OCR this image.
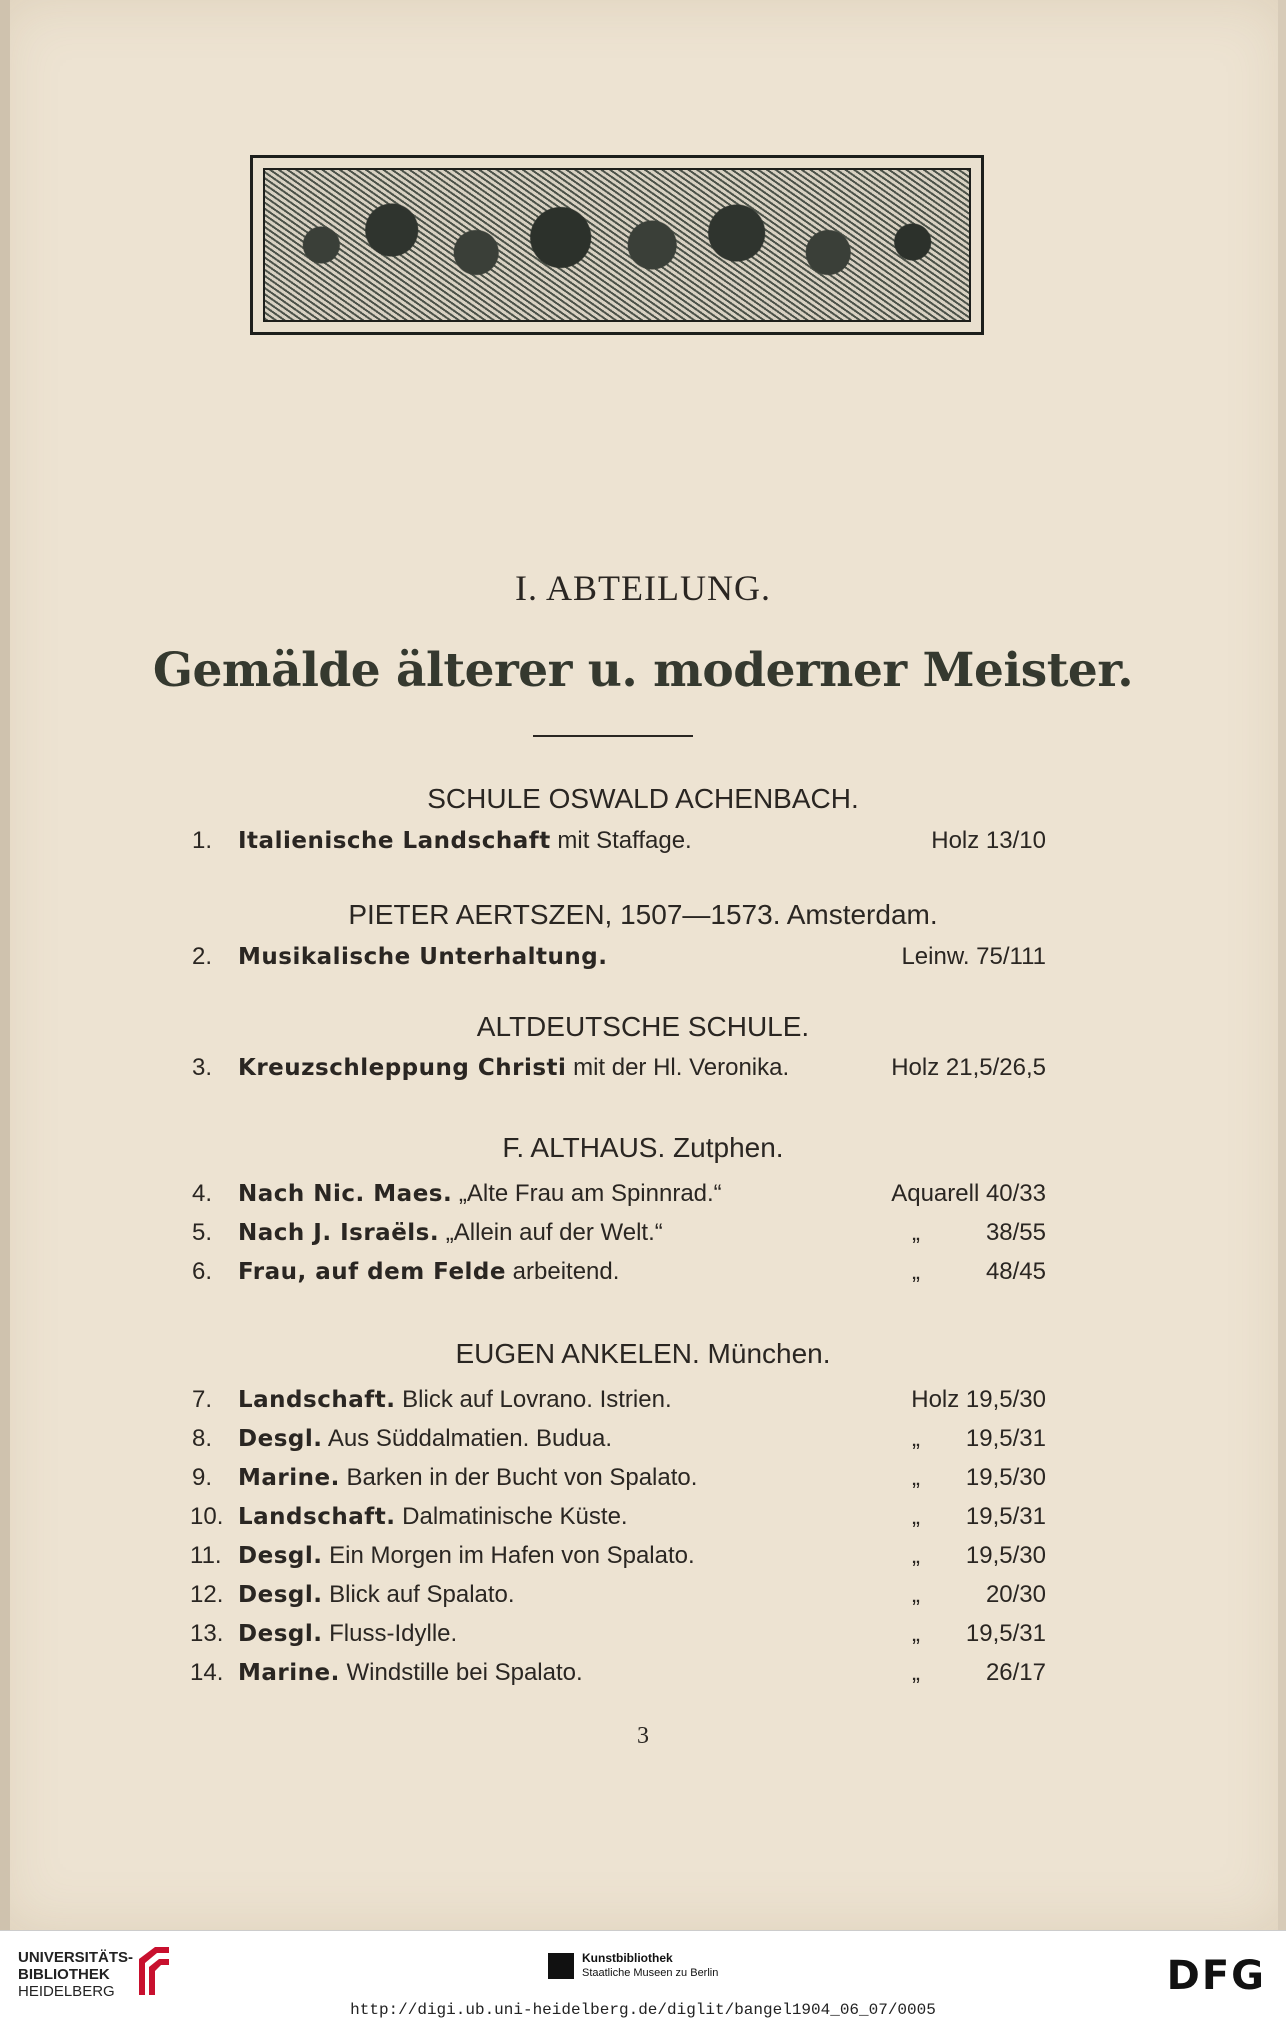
I. ABTEILUNG.
Gemälde älterer u. moderner Meister.
SCHULE OSWALD ACHENBACH.
1. Italienische Landschaft mit Staffage.	Holz 13/10
PIETER AERTSZEN, 1507—1573. Amsterdam.
2. Musikalische Unterhaltung.	Leinw. 75/111
ALTDEUTSCHE SCHULE.
3. Kreuzschleppung Christi mit der Hl. Veronika.	Holz 21,5/26,5
F. ALTHAUS. Zutphen.
4. Nach Nic. Maes. „Alte Frau am Spinnrad.“	Aquarell 40/33
5. Nach J. Israëls. „Allein auf der Welt.“	„	38/55
6. Frau, auf dem Felde arbeitend.	„	48/45
EUGEN ANKELEN. München.
7. Landschaft. Blick auf Lovrano. Istrien.	Holz 19,5/30
8. Desgl. Aus Süddalmatien. Budua.	„ 19,5/31
9. Marine. Barken in der Bucht von Spalato.	„ 19,5/30
10. Landschaft. Dalmatinische Küste.	„ 19,5/31
11. Desgl. Ein Morgen im Hafen von Spalato.	„ 19,5/30
12. Desgl. Blick auf Spalato.	„	20/30
13. Desgl. Fluss-Idylle.	„ 19,5/31
14. Marine. Windstille bei Spalato.	„	26/17
3
UNIVERSITÄTS-
BIBLIOTHEK
HEIDELBERG
Kunstbibliothek
Staatliche Museen zu Berlin	DFG
http://digi.ub.uni-heidelberg.de/diglit/bangel1904_06_07/0005
